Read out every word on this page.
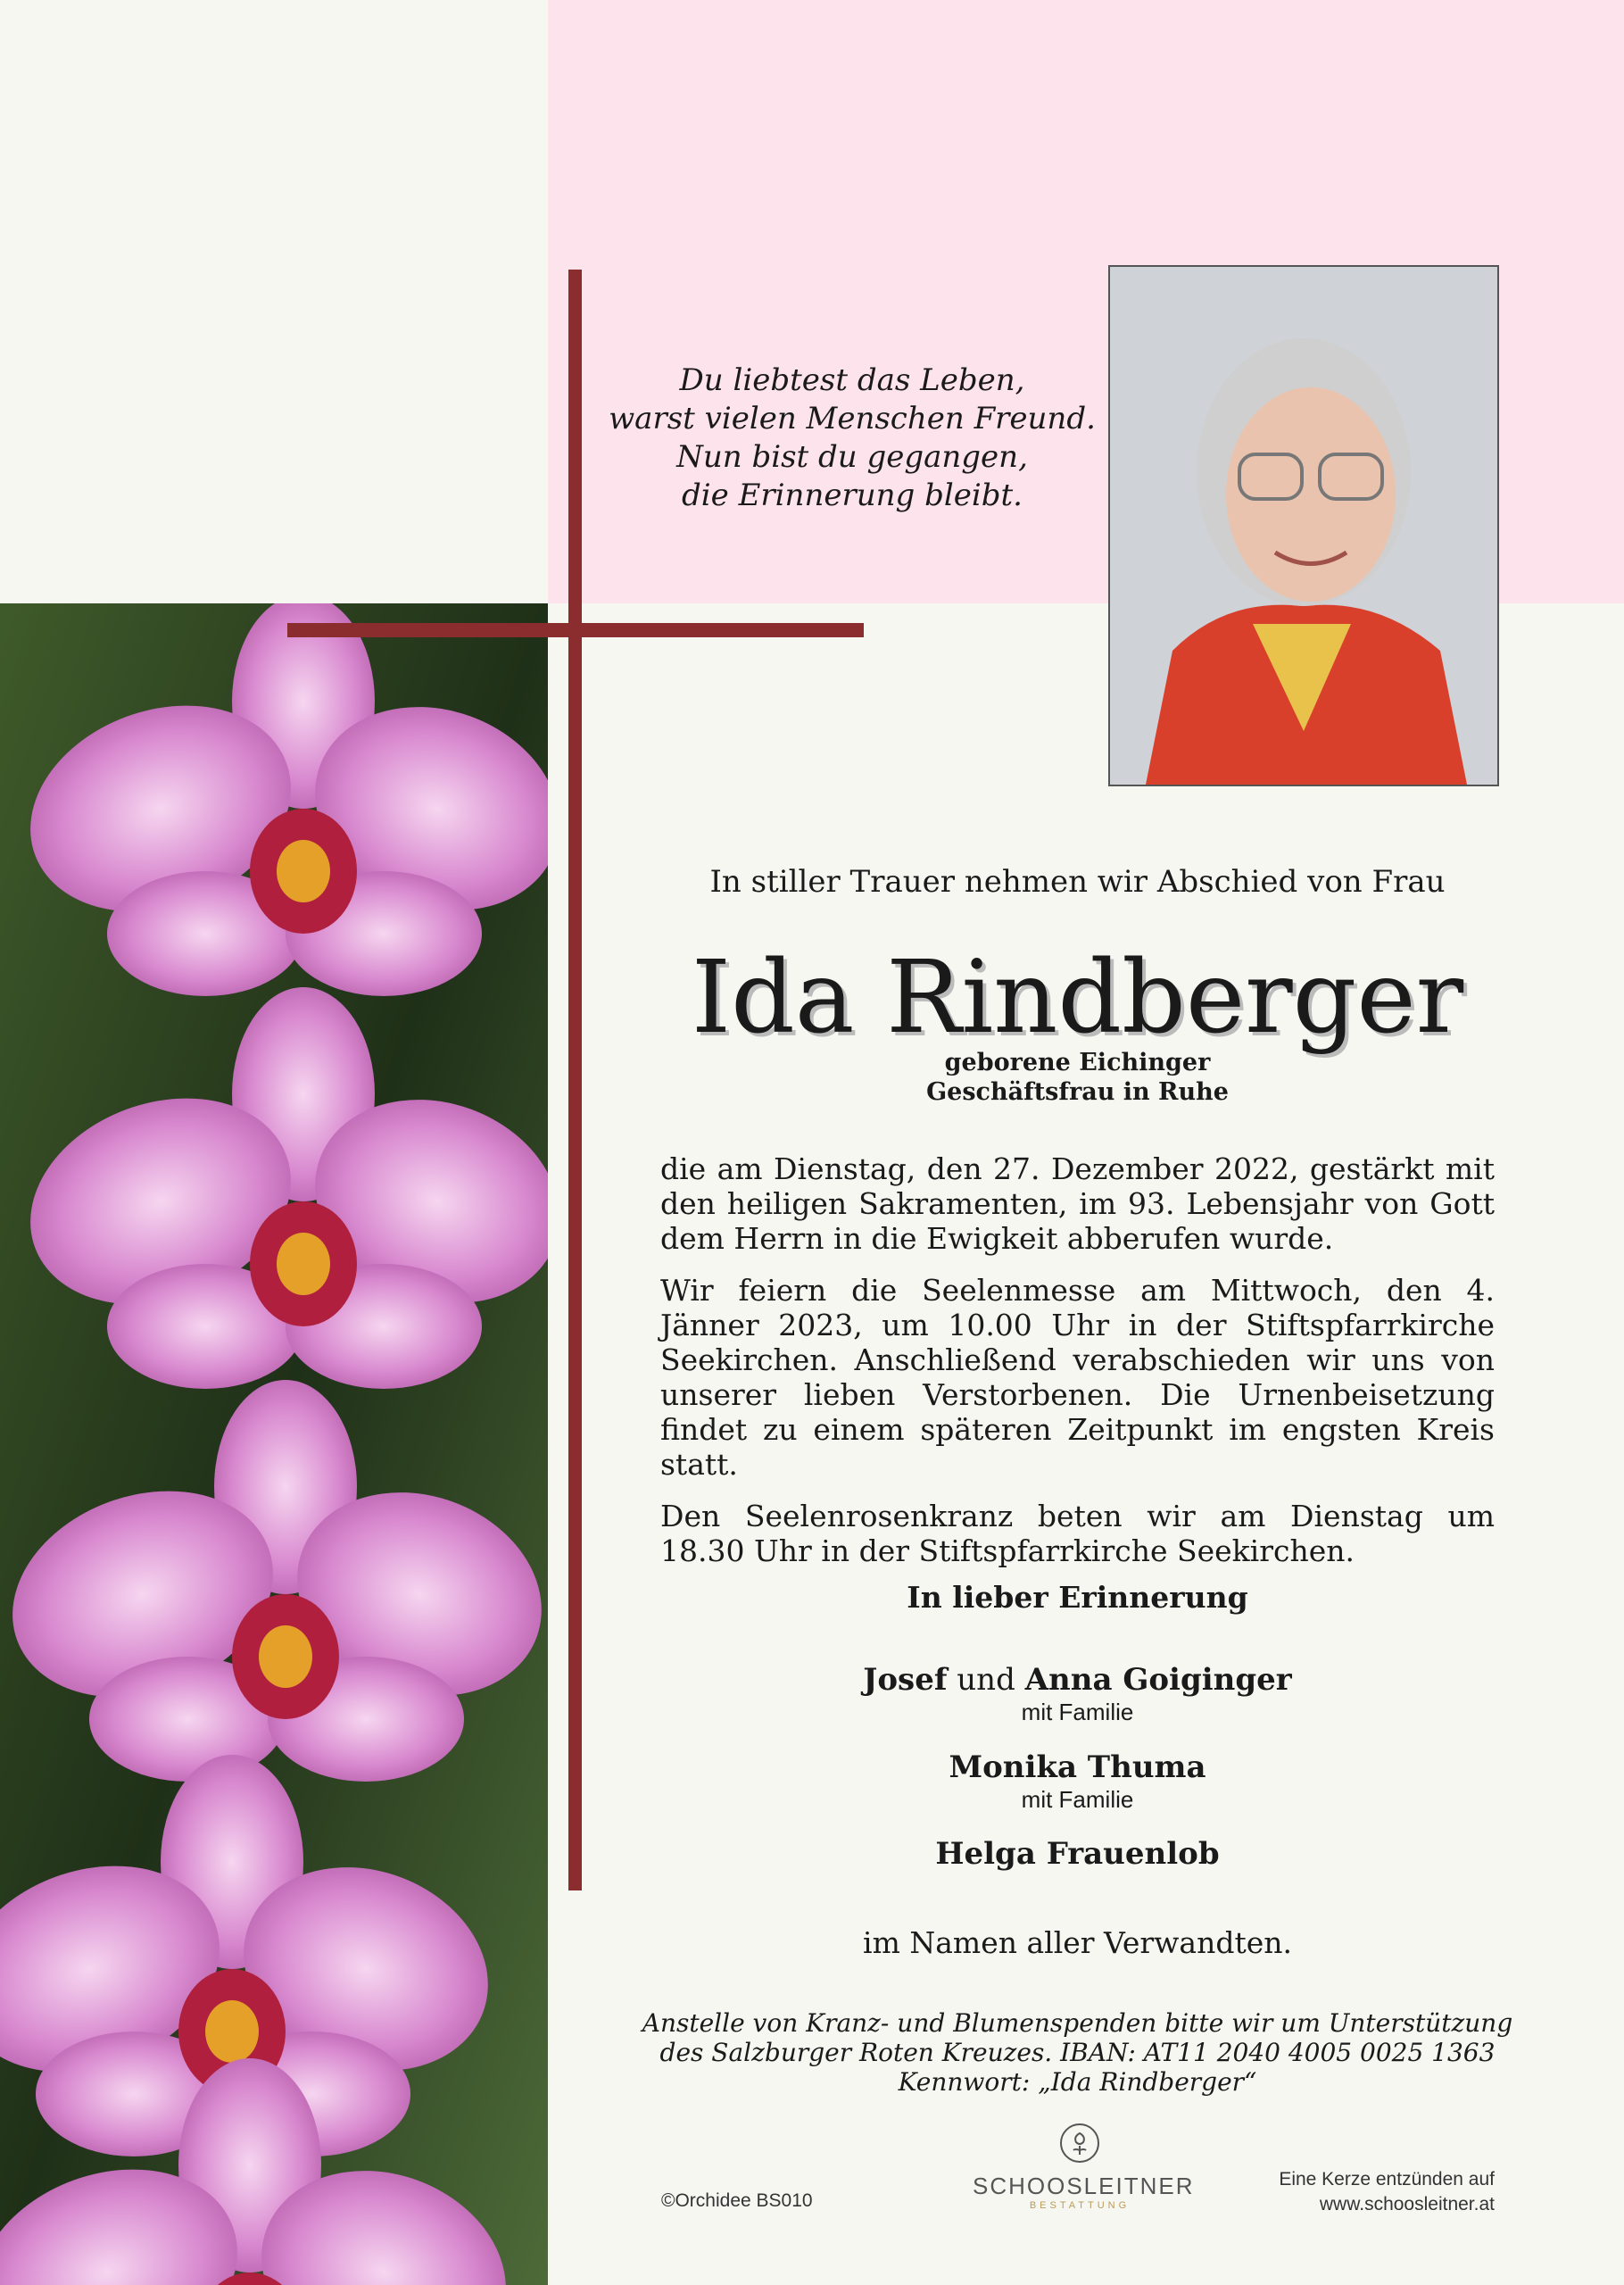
Du liebtest das Leben,
warst vielen Menschen Freund.
Nun bist du gegangen,
die Erinnerung bleibt.
In stiller Trauer nehmen wir Abschied von Frau
Ida Rindberger
geborene Eichinger
Geschäftsfrau in Ruhe

die am Dienstag, den 27. Dezember 2022, gestärkt mit den heiligen Sakramenten, im 93. Lebensjahr von Gott dem Herrn in die Ewigkeit abberufen wurde.

Wir feiern die Seelenmesse am Mittwoch, den 4. Jänner 2023, um 10.00 Uhr in der Stiftspfarrkirche Seekirchen. Anschließend verabschieden wir uns von unserer lieben Verstorbenen. Die Urnenbeisetzung findet zu einem späteren Zeitpunkt im engsten Kreis statt.

Den Seelenrosenkranz beten wir am Dienstag um 18.30 Uhr in der Stiftspfarrkirche Seekirchen.

In lieber Erinnerung
Josef und Anna Goiginger
mit Familie
Monika Thuma
mit Familie
Helga Frauenlob
im Namen aller Verwandten.
Anstelle von Kranz- und Blumenspenden bitte wir um Unterstützung
des Salzburger Roten Kreuzes. IBAN: AT11 2040 4005 0025 1363
Kennwort: „Ida Rindberger“
©Orchidee BS010
SCHOOSLEITNER
BESTATTUNG
Eine Kerze entzünden auf
www.schoosleitner.at
